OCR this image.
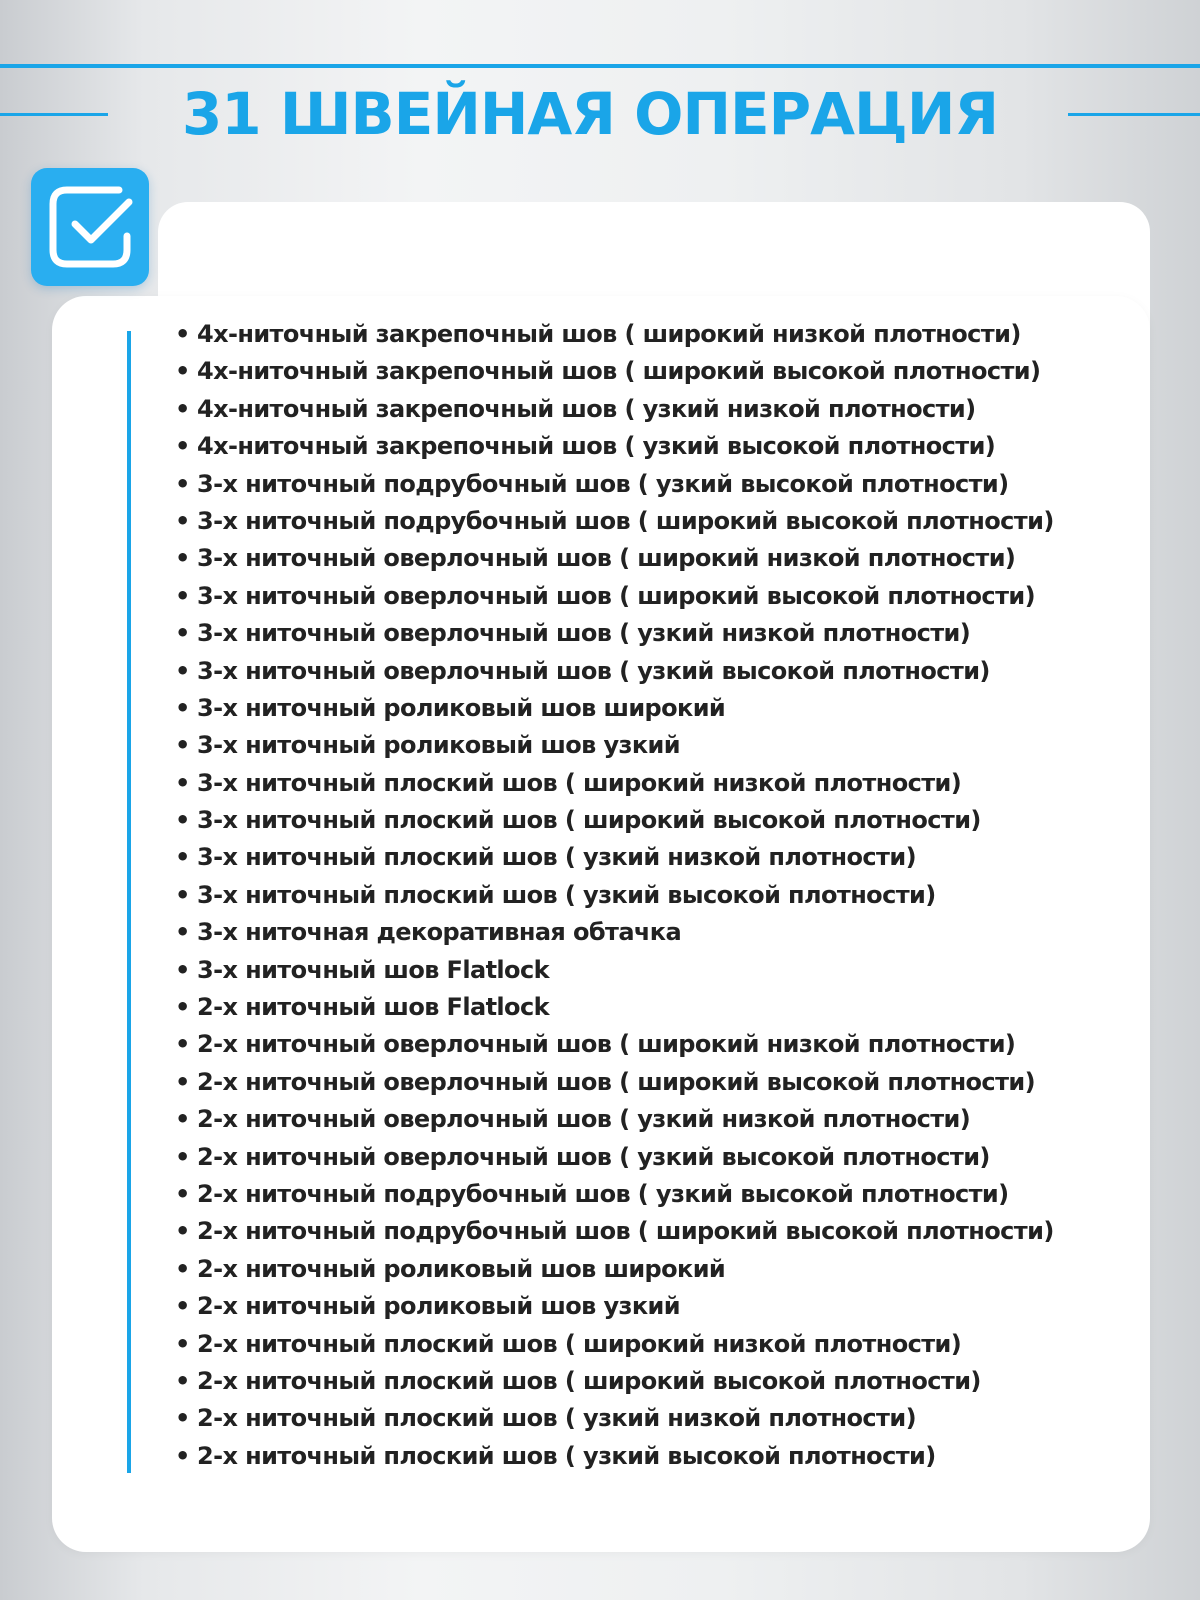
31 ШВЕЙНАЯ ОПЕРАЦИЯ
• 4х-ниточный закрепочный шов ( широкий низкой плотности)
• 4х-ниточный закрепочный шов ( широкий высокой плотности)
• 4х-ниточный закрепочный шов ( узкий низкой плотности)
• 4х-ниточный закрепочный шов ( узкий высокой плотности)
• 3-х ниточный подрубочный шов ( узкий высокой плотности)
• 3-х ниточный подрубочный шов ( широкий высокой плотности)
• 3-х ниточный оверлочный шов ( широкий низкой плотности)
• 3-х ниточный оверлочный шов ( широкий высокой плотности)
• 3-х ниточный оверлочный шов ( узкий низкой плотности)
• 3-х ниточный оверлочный шов ( узкий высокой плотности)
• 3-х ниточный роликовый шов широкий
• 3-х ниточный роликовый шов узкий
• 3-х ниточный плоский шов ( широкий низкой плотности)
• 3-х ниточный плоский шов ( широкий высокой плотности)
• 3-х ниточный плоский шов ( узкий низкой плотности)
• 3-х ниточный плоский шов ( узкий высокой плотности)
• 3-х ниточная декоративная обтачка
• 3-х ниточный шов Flatlock
• 2-х ниточный шов Flatlock
• 2-х ниточный оверлочный шов ( широкий низкой плотности)
• 2-х ниточный оверлочный шов ( широкий высокой плотности)
• 2-х ниточный оверлочный шов ( узкий низкой плотности)
• 2-х ниточный оверлочный шов ( узкий высокой плотности)
• 2-х ниточный подрубочный шов ( узкий высокой плотности)
• 2-х ниточный подрубочный шов ( широкий высокой плотности)
• 2-х ниточный роликовый шов широкий
• 2-х ниточный роликовый шов узкий
• 2-х ниточный плоский шов ( широкий низкой плотности)
• 2-х ниточный плоский шов ( широкий высокой плотности)
• 2-х ниточный плоский шов ( узкий низкой плотности)
• 2-х ниточный плоский шов ( узкий высокой плотности)
